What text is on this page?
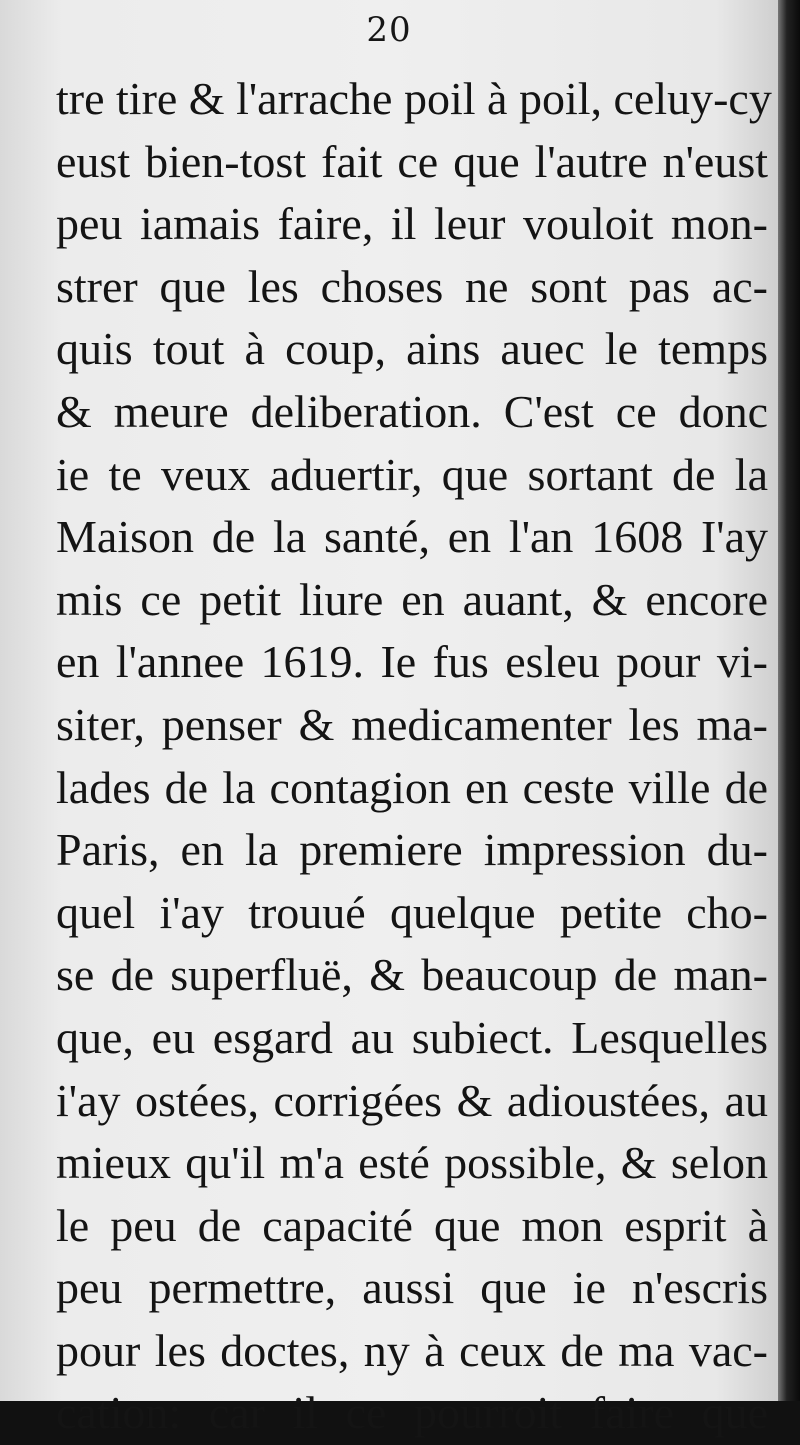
20
tre tire & l'arrache poil à poil, celuy-cy
eust bien-tost fait ce que l'autre n'eust
peu iamais faire, il leur vouloit mon-
strer que les choses ne sont pas ac-
quis tout à coup, ains auec le temps
& meure deliberation. C'est ce donc
ie te veux aduertir, que sortant de la
Maison de la santé, en l'an 1608 I'ay
mis ce petit liure en auant, & encore
en l'annee 1619. Ie fus esleu pour vi-
siter, penser & medicamenter les ma-
lades de la contagion en ceste ville de
Paris, en la premiere impression du-
quel i'ay trouué quelque petite cho-
se de superfluë, & beaucoup de man-
que, eu esgard au subiect. Lesquelles
i'ay ostées, corrigées & adioustées, au
mieux qu'il m'a esté possible, & selon
le peu de capacité que mon esprit à
peu permettre, aussi que ie n'escris
pour les doctes, ny à ceux de ma vac-
cation: car il ce pourroit faire que
